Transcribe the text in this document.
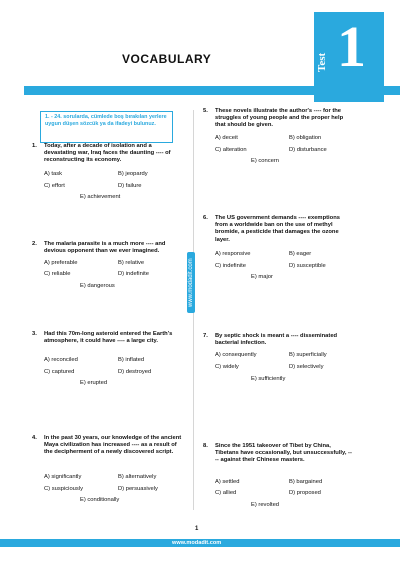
VOCABULARY	Test 1
1. - 24. sorularda, cümlede boş bırakılan yerlere uygun düşen sözcük ya da ifadeyi bulunuz.
www.modadit.com
1. Today, after a decade of isolation and a devastating war, Iraq faces the daunting ---- of reconstructing its economy.
A) task	B) jeopardy
C) effort	D) failure
E) achievement
2. The malaria parasite is a much more ---- and devious opponent than we ever imagined.
A) preferable	B) relative
C) reliable	D) indefinite
E) dangerous
3. Had this 70m-long asteroid entered the Earth's atmosphere, it could have ---- a large city.
A) reconciled	B) inflated
C) captured	D) destroyed
E) erupted
4. In the past 30 years, our knowledge of the ancient Maya civilization has increased ---- as a result of the decipherment of a newly discovered script.
A) significantly	B) alternatively
C) suspiciously	D) persuasively
E) conditionally
5. These novels illustrate the author's ---- for the struggles of young people and the proper help that should be given.
A) deceit	B) obligation
C) alteration	D) disturbance
E) concern
6. The US government demands ---- exemptions from a worldwide ban on the use of methyl bromide, a pesticide that damages the ozone layer.
A) responsive	B) eager
C) indefinite	D) susceptible
E) major
7. By septic shock is meant a ---- disseminated bacterial infection.
A) consequently	B) superficially
C) widely	D) selectively
E) sufficiently
8. Since the 1951 takeover of Tibet by China, Tibetans have occasionally, but unsuccessfully, ---- against their Chinese masters.
A) settled	B) bargained
C) allied	D) proposed
E) revolted
1
www.modadit.com
